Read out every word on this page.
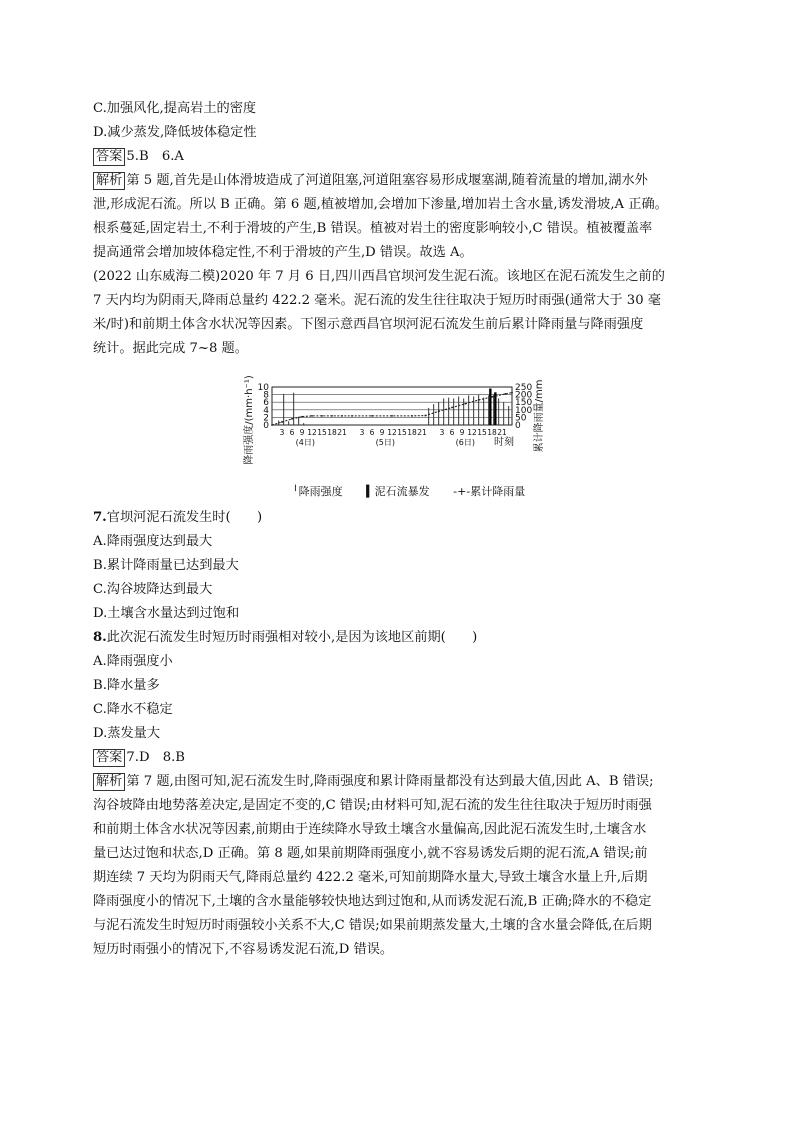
C.加强风化,提高岩土的密度
D.减少蒸发,降低坡体稳定性
答案 5.B　6.A
解析 第 5 题,首先是山体滑坡造成了河道阻塞,河道阻塞容易形成堰塞湖,随着流量的增加,湖水外
泄,形成泥石流。所以 B 正确。第 6 题,植被增加,会增加下渗量,增加岩土含水量,诱发滑坡,A 正确。
根系蔓延,固定岩土,不利于滑坡的产生,B 错误。植被对岩土的密度影响较小,C 错误。植被覆盖率
提高通常会增加坡体稳定性,不利于滑坡的产生,D 错误。故选 A。
(2022 山东威海二模)2020 年 7 月 6 日,四川西昌官坝河发生泥石流。该地区在泥石流发生之前的
7 天内均为阴雨天,降雨总量约 422.2 毫米。泥石流的发生往往取决于短历时雨强(通常大于 30 毫
米/时)和前期土体含水状况等因素。下图示意西昌官坝河泥石流发生前后累计降雨量与降雨强度
统计。据此完成 7~8 题。
10
8
6
4
2
0
250
200
150
100
50
0
降雨强度/(mm·h⁻¹)	累计降雨量/mm
3 6 9 12 15 18 21 3 6 9 12 15 18 21 3 6 9 12 15 18 21
(4日)	(5日)	(6日) 时刻
╵降雨强度 ▍泥石流暴发 -+-累计降雨量
7.官坝河泥石流发生时(　　)
A.降雨强度达到最大
B.累计降雨量已达到最大
C.沟谷坡降达到最大
D.土壤含水量达到过饱和
8.此次泥石流发生时短历时雨强相对较小,是因为该地区前期(　　)
A.降雨强度小
B.降水量多
C.降水不稳定
D.蒸发量大
答案 7.D　8.B
解析 第 7 题,由图可知,泥石流发生时,降雨强度和累计降雨量都没有达到最大值,因此 A、B 错误;
沟谷坡降由地势落差决定,是固定不变的,C 错误;由材料可知,泥石流的发生往往取决于短历时雨强
和前期土体含水状况等因素,前期由于连续降水导致土壤含水量偏高,因此泥石流发生时,土壤含水
量已达过饱和状态,D 正确。第 8 题,如果前期降雨强度小,就不容易诱发后期的泥石流,A 错误;前
期连续 7 天均为阴雨天气,降雨总量约 422.2 毫米,可知前期降水量大,导致土壤含水量上升,后期
降雨强度小的情况下,土壤的含水量能够较快地达到过饱和,从而诱发泥石流,B 正确;降水的不稳定
与泥石流发生时短历时雨强较小关系不大,C 错误;如果前期蒸发量大,土壤的含水量会降低,在后期
短历时雨强小的情况下,不容易诱发泥石流,D 错误。
